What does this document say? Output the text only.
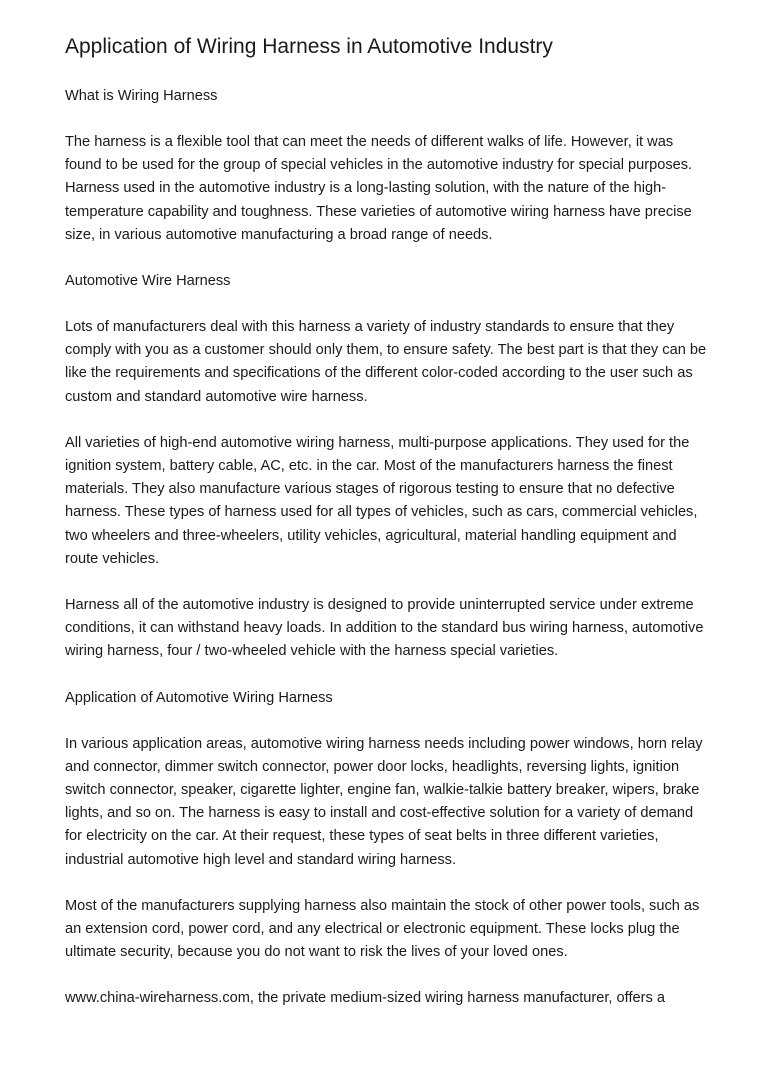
Application of Wiring Harness in Automotive Industry
What is Wiring Harness

The harness is a flexible tool that can meet the needs of different walks of life. However, it was found to be used for the group of special vehicles in the automotive industry for special purposes. Harness used in the automotive industry is a long-lasting solution, with the nature of the high-temperature capability and toughness. These varieties of automotive wiring harness have precise size, in various automotive manufacturing a broad range of needs.

Automotive Wire Harness

Lots of manufacturers deal with this harness a variety of industry standards to ensure that they comply with you as a customer should only them, to ensure safety. The best part is that they can be like the requirements and specifications of the different color-coded according to the user such as custom and standard automotive wire harness.

All varieties of high-end automotive wiring harness, multi-purpose applications. They used for the ignition system, battery cable, AC, etc. in the car. Most of the manufacturers harness the finest materials. They also manufacture various stages of rigorous testing to ensure that no defective harness. These types of harness used for all types of vehicles, such as cars, commercial vehicles, two wheelers and three-wheelers, utility vehicles, agricultural, material handling equipment and route vehicles.

Harness all of the automotive industry is designed to provide uninterrupted service under extreme conditions, it can withstand heavy loads. In addition to the standard bus wiring harness, automotive wiring harness, four / two-wheeled vehicle with the harness special varieties.

Application of Automotive Wiring Harness

In various application areas, automotive wiring harness needs including power windows, horn relay and connector, dimmer switch connector, power door locks, headlights, reversing lights, ignition switch connector, speaker, cigarette lighter, engine fan, walkie-talkie battery breaker, wipers, brake lights, and so on. The harness is easy to install and cost-effective solution for a variety of demand for electricity on the car. At their request, these types of seat belts in three different varieties, industrial automotive high level and standard wiring harness.

Most of the manufacturers supplying harness also maintain the stock of other power tools, such as an extension cord, power cord, and any electrical or electronic equipment. These locks plug the ultimate security, because you do not want to risk the lives of your loved ones.

www.china-wireharness.com, the private medium-sized wiring harness manufacturer, offers a
